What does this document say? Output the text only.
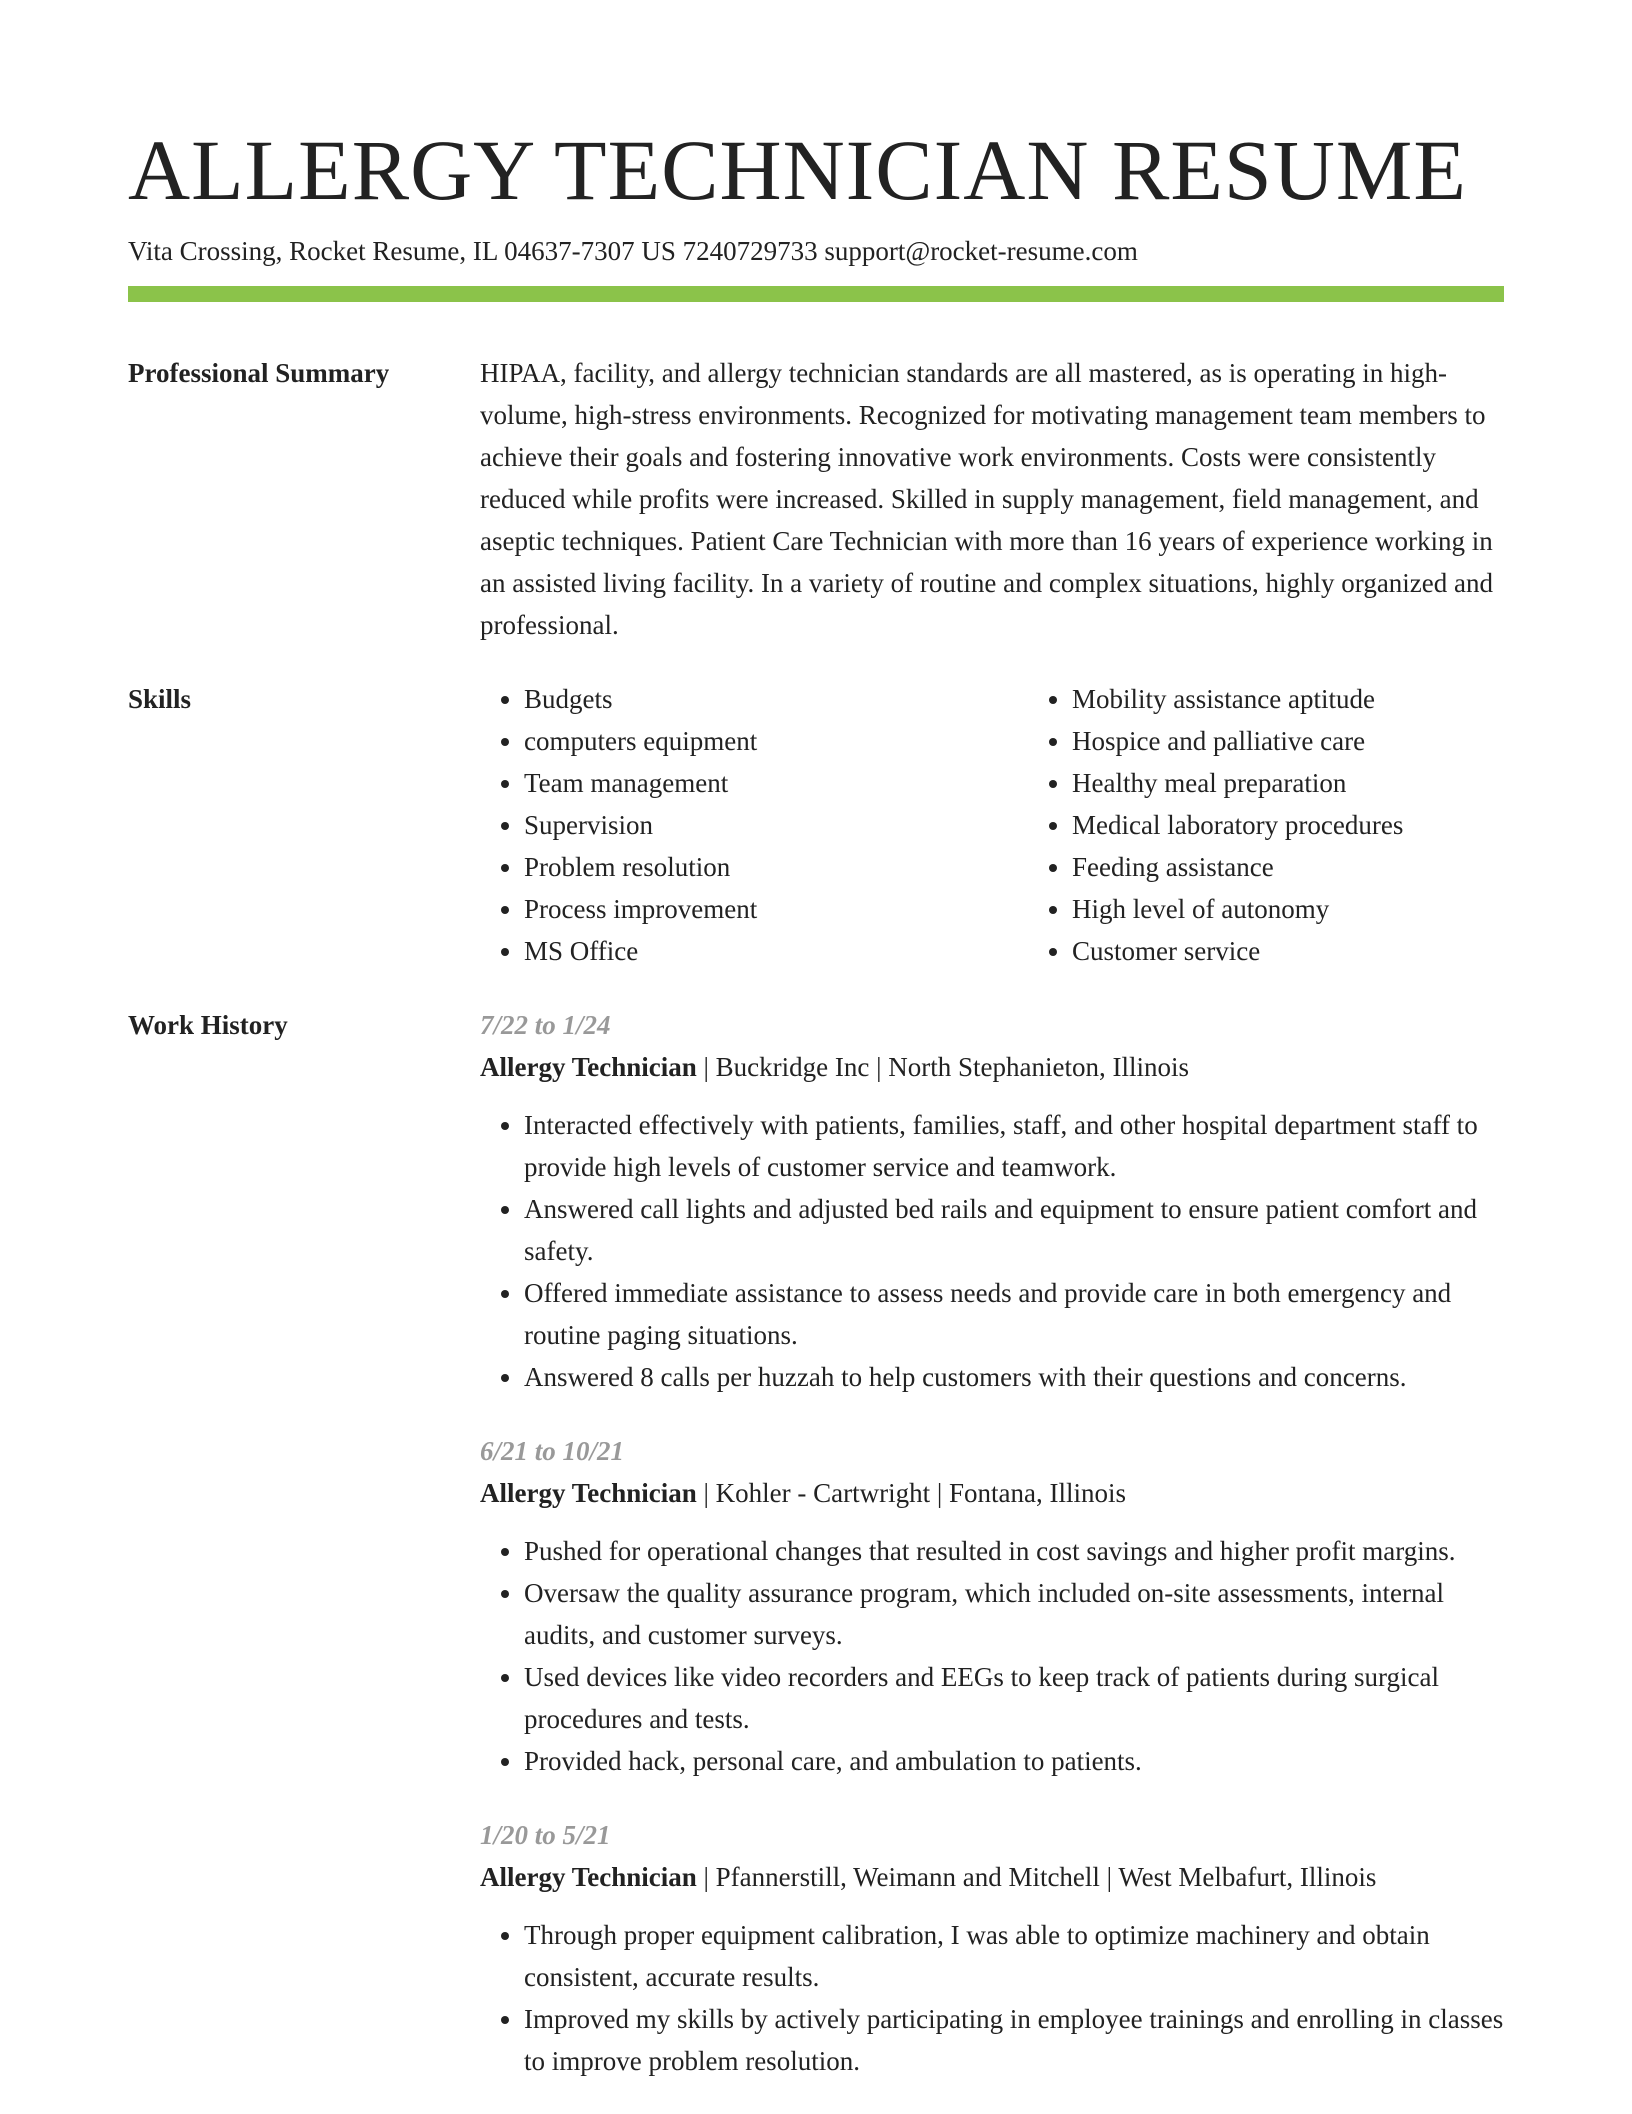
ALLERGY TECHNICIAN RESUME
Vita Crossing, Rocket Resume, IL 04637-7307 US 7240729733 support@rocket-resume.com
Professional Summary	HIPAA, facility, and allergy technician standards are all mastered, as is operating in high-volume, high-stress environments. Recognized for motivating management team members to achieve their goals and fostering innovative work environments. Costs were consistently reduced while profits were increased. Skilled in supply management, field management, and aseptic techniques. Patient Care Technician with more than 16 years of experience working in an assisted living facility. In a variety of routine and complex situations, highly organized and professional.

Skills
•	Budgets
• computers equipment
• Team management
• Supervision
• Problem resolution
• Process improvement
• MS Office
• Mobility assistance aptitude
• Hospice and palliative care
• Healthy meal preparation
• Medical laboratory procedures
• Feeding assistance
• High level of autonomy
• Customer service
Work History	7/22 to 1/24
Allergy Technician | Buckridge Inc | North Stephanieton, Illinois
• Interacted effectively with patients, families, staff, and other hospital department staff to provide high levels of customer service and teamwork.
• Answered call lights and adjusted bed rails and equipment to ensure patient comfort and safety.
• Offered immediate assistance to assess needs and provide care in both emergency and routine paging situations.
• Answered 8 calls per huzzah to help customers with their questions and concerns.
6/21 to 10/21
Allergy Technician | Kohler - Cartwright | Fontana, Illinois
• Pushed for operational changes that resulted in cost savings and higher profit margins.
• Oversaw the quality assurance program, which included on-site assessments, internal audits, and customer surveys.
• Used devices like video recorders and EEGs to keep track of patients during surgical procedures and tests.
• Provided hack, personal care, and ambulation to patients.
1/20 to 5/21
Allergy Technician | Pfannerstill, Weimann and Mitchell | West Melbafurt, Illinois
• Through proper equipment calibration, I was able to optimize machinery and obtain consistent, accurate results.
• Improved my skills by actively participating in employee trainings and enrolling in classes to improve problem resolution.
